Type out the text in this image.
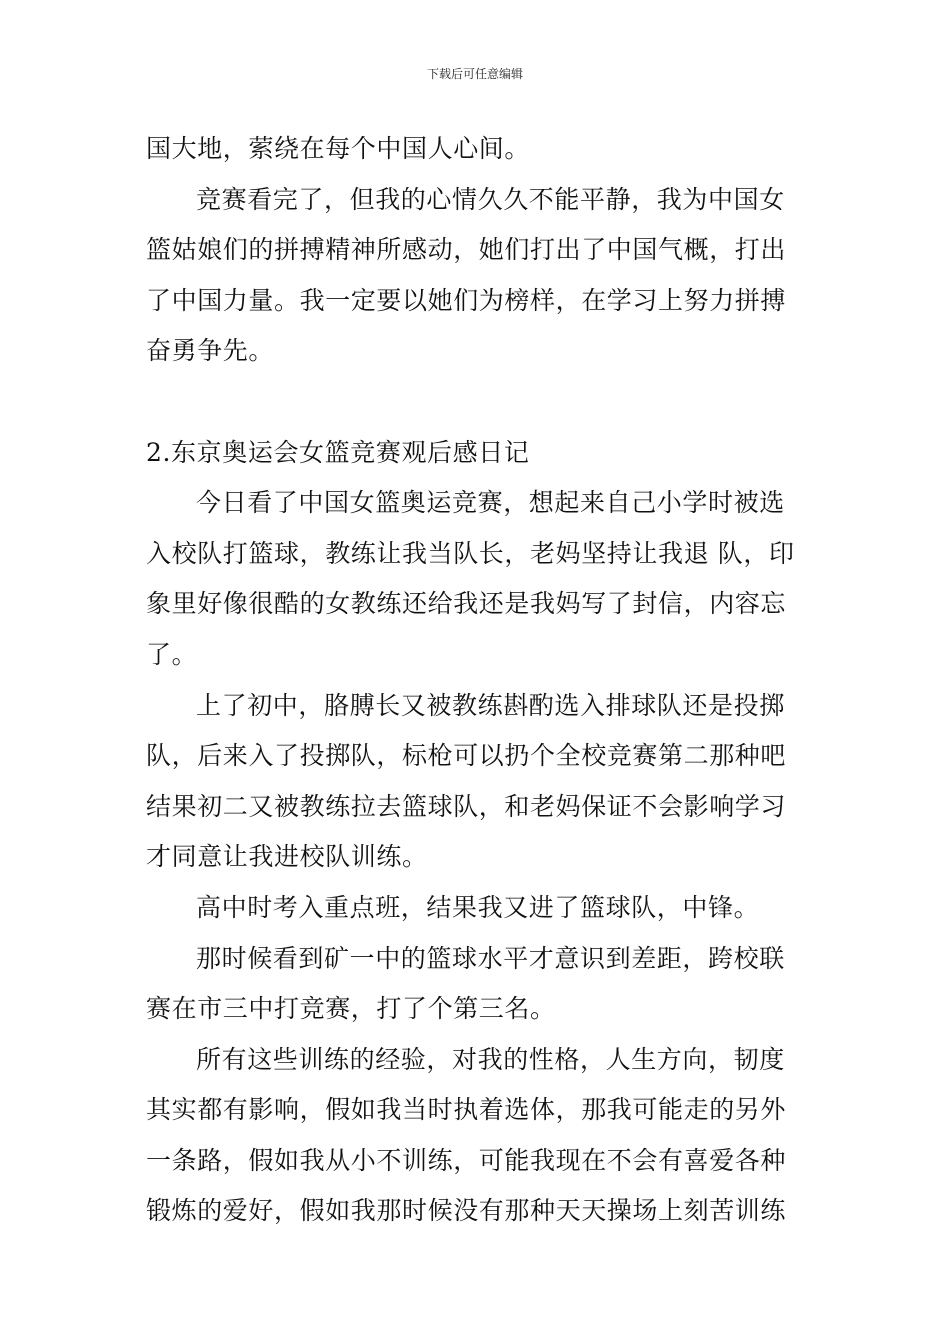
下载后可任意编辑
国大地，萦绕在每个中国人心间。
竞赛看完了，但我的心情久久不能平静，我为中国女
篮姑娘们的拼搏精神所感动，她们打出了中国气概，打出
了中国力量。我一定要以她们为榜样，在学习上努力拼搏
奋勇争先。
2.东京奥运会女篮竞赛观后感日记
今日看了中国女篮奥运竞赛，想起来自己小学时被选
入校队打篮球，教练让我当队长，老妈坚持让我退 队，印
象里好像很酷的女教练还给我还是我妈写了封信，内容忘
了。
上了初中，胳膊长又被教练斟酌选入排球队还是投掷
队，后来入了投掷队，标枪可以扔个全校竞赛第二那种吧
结果初二又被教练拉去篮球队，和老妈保证不会影响学习
才同意让我进校队训练。
高中时考入重点班，结果我又进了篮球队，中锋。
那时候看到矿一中的篮球水平才意识到差距，跨校联
赛在市三中打竞赛，打了个第三名。
所有这些训练的经验，对我的性格，人生方向，韧度
其实都有影响，假如我当时执着选体，那我可能走的另外
一条路，假如我从小不训练，可能我现在不会有喜爱各种
锻炼的爱好，假如我那时候没有那种天天操场上刻苦训练
